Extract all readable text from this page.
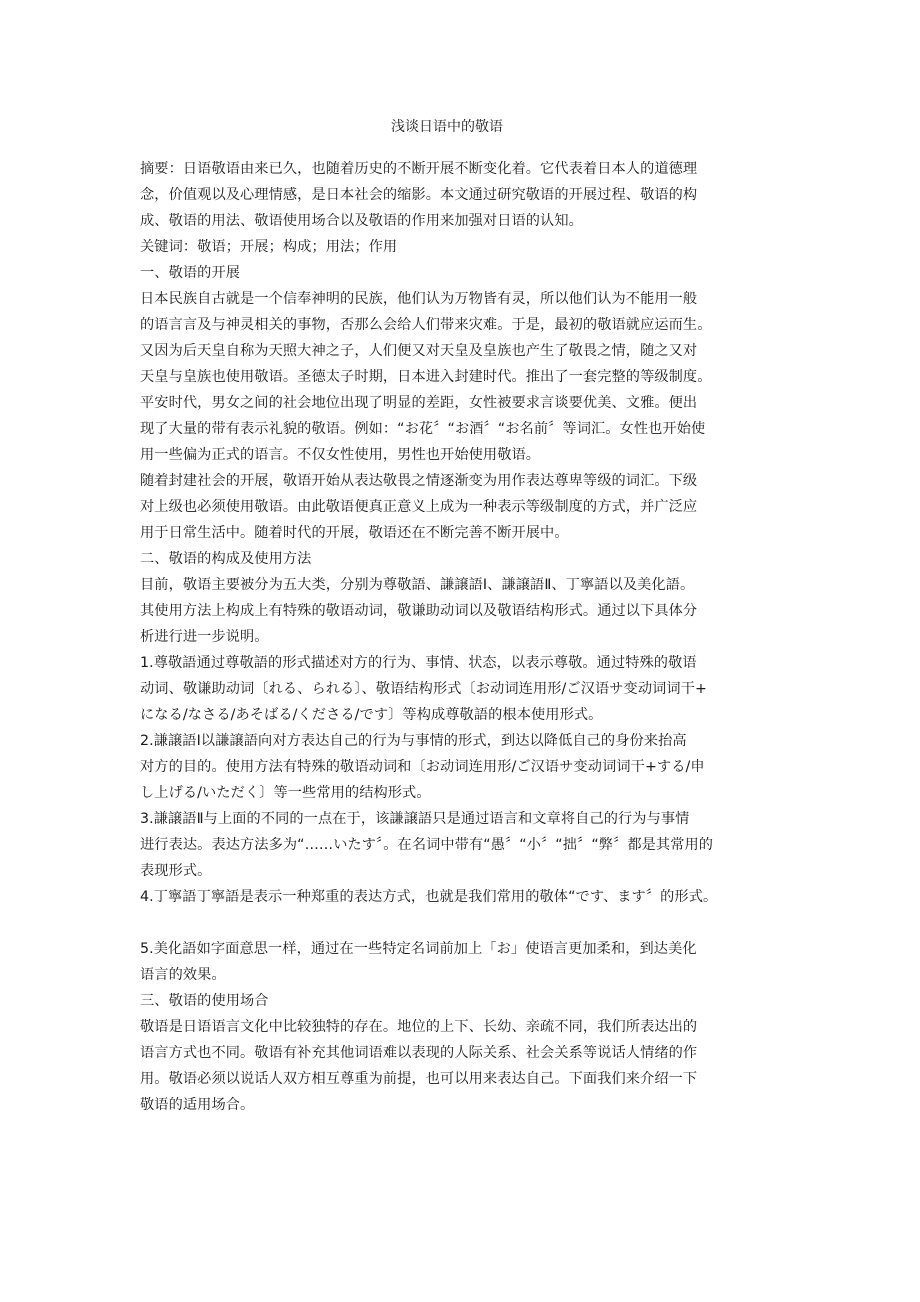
浅谈日语中的敬语
摘要：日语敬语由来已久，也随着历史的不断开展不断变化着。它代表着日本人的道德理
念，价值观以及心理情感，是日本社会的缩影。本文通过研究敬语的开展过程、敬语的构
成、敬语的用法、敬语使用场合以及敬语的作用来加强对日语的认知。
关键词：敬语；开展；构成；用法；作用
一、敬语的开展
日本民族自古就是一个信奉神明的民族，他们认为万物皆有灵，所以他们认为不能用一般
的语言言及与神灵相关的事物，否那么会给人们带来灾难。于是，最初的敬语就应运而生。
又因为后天皇自称为天照大神之子，人们便又对天皇及皇族也产生了敬畏之情，随之又对
天皇与皇族也使用敬语。圣德太子时期，日本进入封建时代。推出了一套完整的等级制度。
平安时代，男女之间的社会地位出现了明显的差距，女性被要求言谈要优美、文雅。便出
现了大量的带有表示礼貌的敬语。例如：“お花〞“お酒〞“お名前〞等词汇。女性也开始使
用一些偏为正式的语言。不仅女性使用，男性也开始使用敬语。
随着封建社会的开展，敬语开始从表达敬畏之情逐渐变为用作表达尊卑等级的词汇。下级
对上级也必须使用敬语。由此敬语便真正意义上成为一种表示等级制度的方式，并广泛应
用于日常生活中。随着时代的开展，敬语还在不断完善不断开展中。
二、敬语的构成及使用方法
目前，敬语主要被分为五大类，分别为尊敬語、謙譲語Ⅰ、謙譲語Ⅱ、丁寧語以及美化語。
其使用方法上构成上有特殊的敬语动词，敬谦助动词以及敬语结构形式。通过以下具体分
析进行进一步说明。
1.尊敬語通过尊敬語的形式描述对方的行为、事情、状态，以表示尊敬。通过特殊的敬语
动词、敬谦助动词〔れる、られる〕、敬语结构形式〔お动词连用形/ご汉语サ变动词词干+
になる/なさる/あそばる/くださる/です〕等构成尊敬語的根本使用形式。
2.謙譲語Ⅰ以謙譲語向对方表达自己的行为与事情的形式，到达以降低自己的身份来抬高
对方的目的。使用方法有特殊的敬语动词和〔お动词连用形/ご汉语サ变动词词干+する/申
し上げる/いただく〕等一些常用的结构形式。
3.謙譲語Ⅱ与上面的不同的一点在于，该謙譲語只是通过语言和文章将自己的行为与事情
进行表达。表达方法多为“……いたす〞。在名词中带有“愚〞“小〞“拙〞“弊〞都是其常用的
表现形式。
4.丁寧語丁寧語是表示一种郑重的表达方式，也就是我们常用的敬体“です、ます〞的形式。
5.美化語如字面意思一样，通过在一些特定名词前加上「お」使语言更加柔和，到达美化
语言的效果。
三、敬语的使用场合
敬语是日语语言文化中比较独特的存在。地位的上下、长幼、亲疏不同，我们所表达出的
语言方式也不同。敬语有补充其他词语难以表现的人际关系、社会关系等说话人情绪的作
用。敬语必须以说话人双方相互尊重为前提，也可以用来表达自己。下面我们来介绍一下
敬语的适用场合。
